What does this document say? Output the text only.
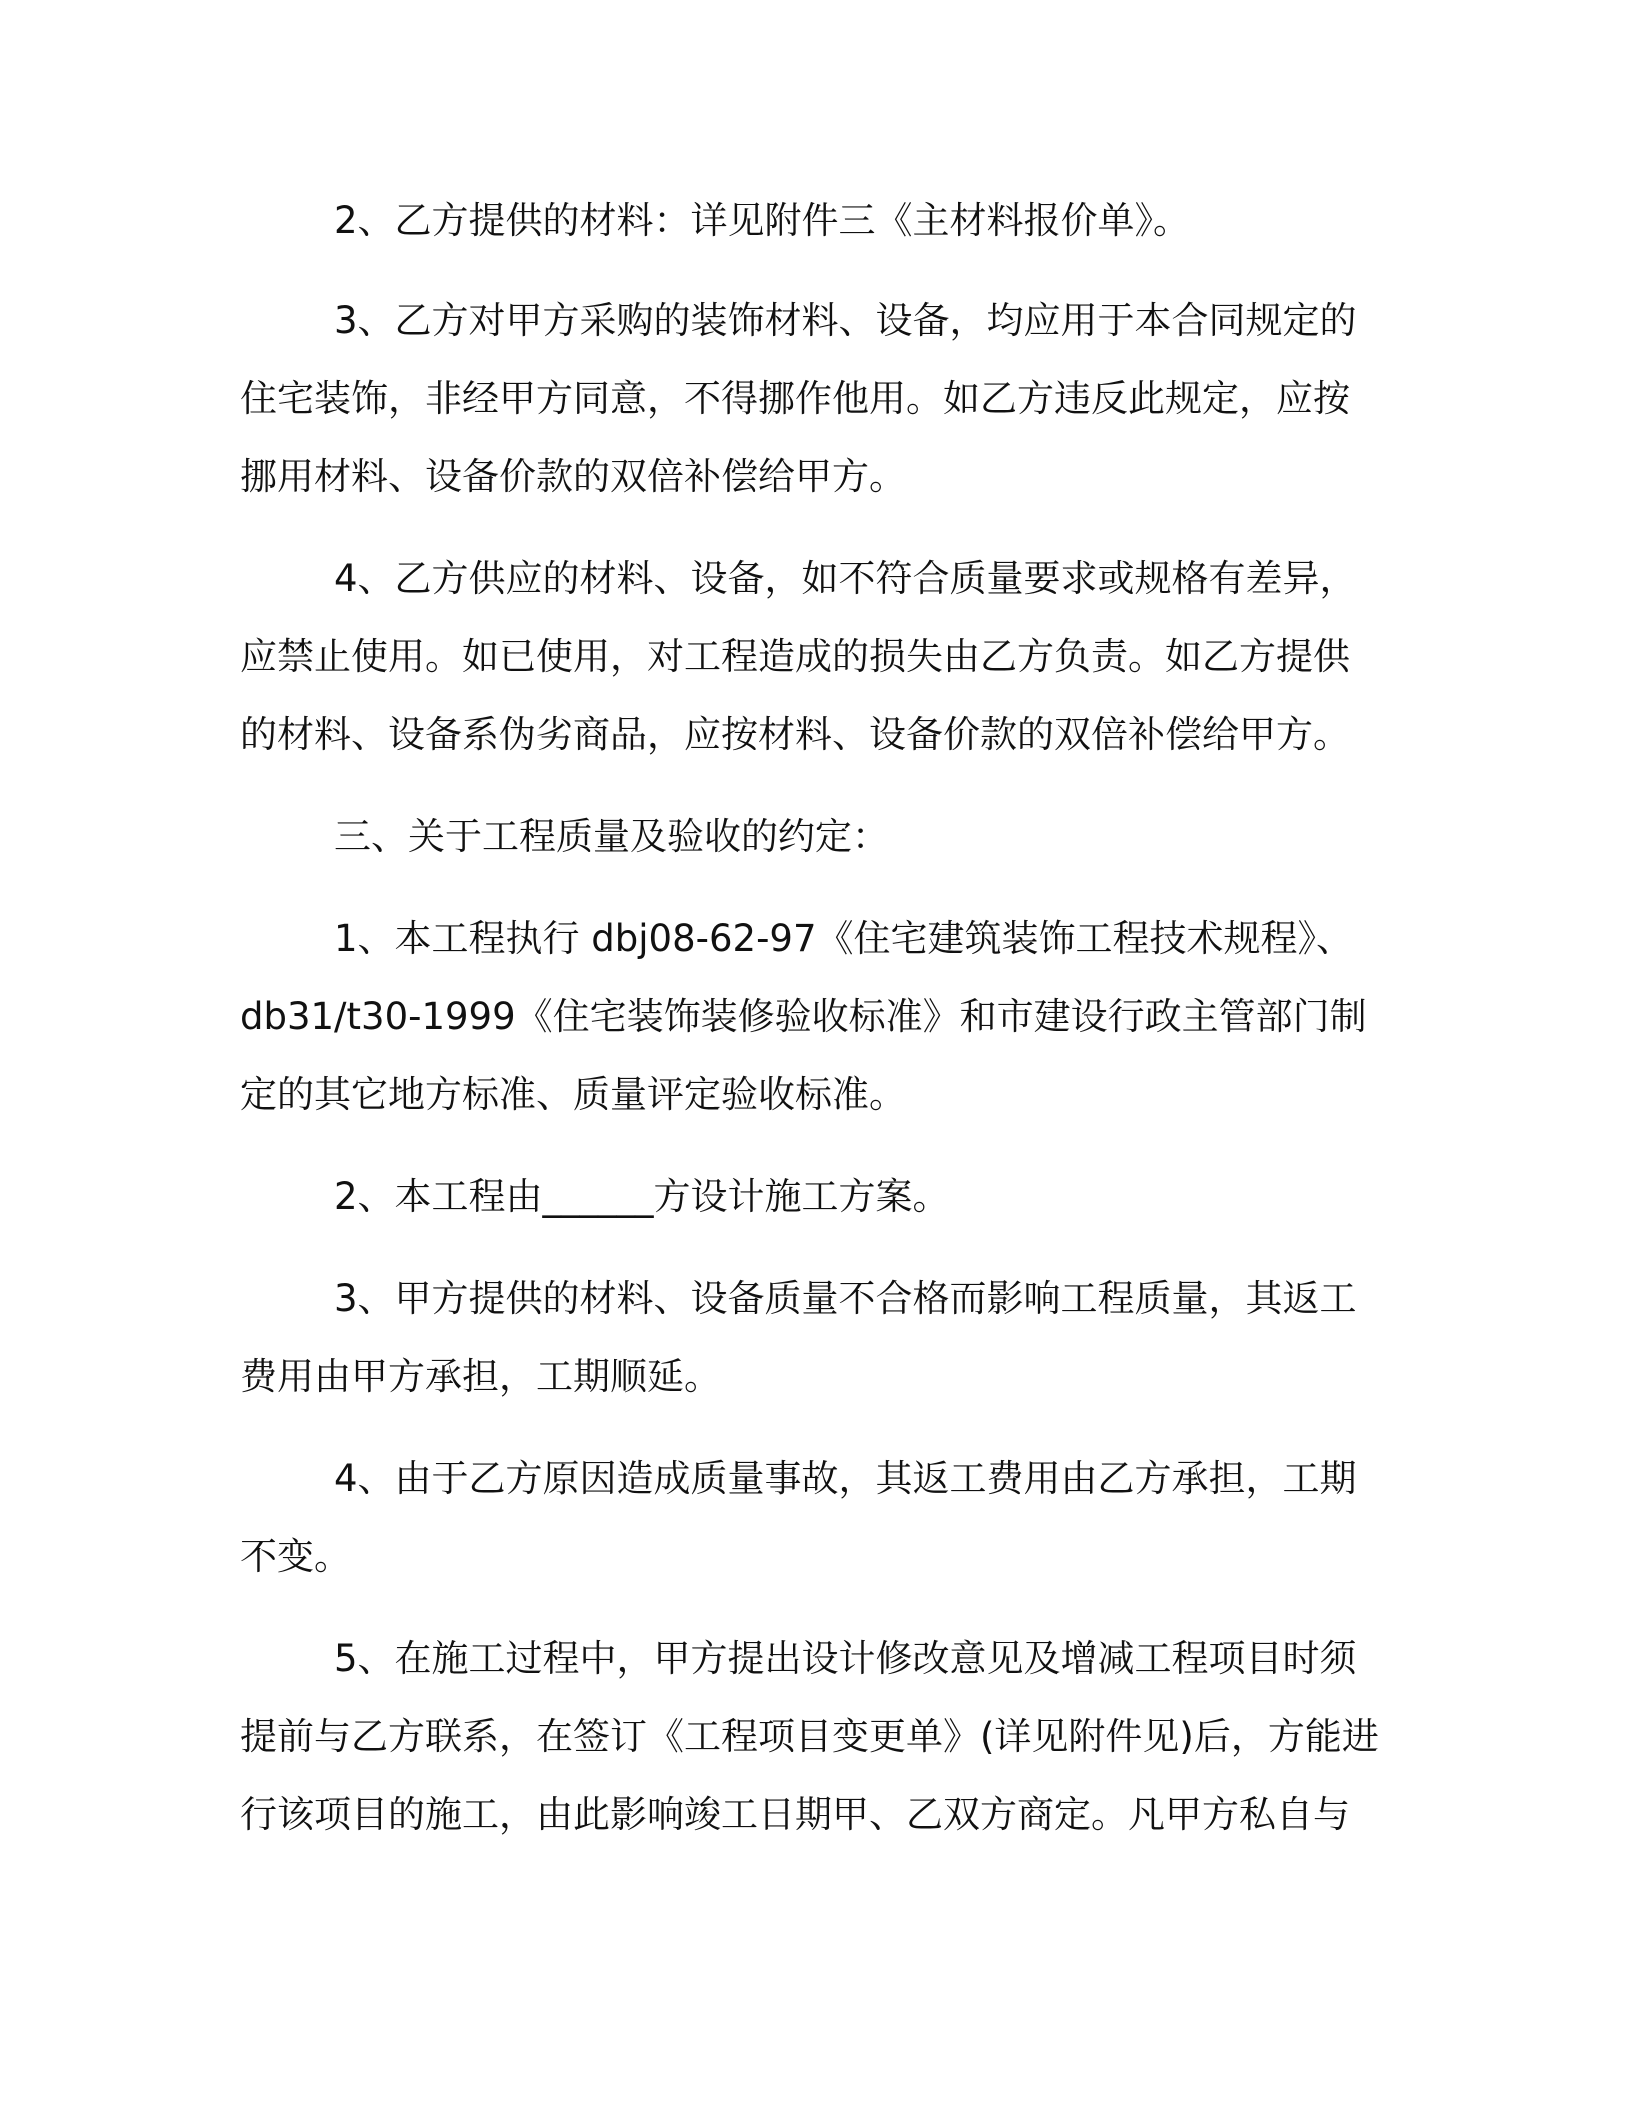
2、乙方提供的材料：详见附件三《主材料报价单》。

3、乙方对甲方采购的装饰材料、设备，均应用于本合同规定的
住宅装饰，非经甲方同意，不得挪作他用。如乙方违反此规定，应按
挪用材料、设备价款的双倍补偿给甲方。

4、乙方供应的材料、设备，如不符合质量要求或规格有差异，
应禁止使用。如已使用，对工程造成的损失由乙方负责。如乙方提供
的材料、设备系伪劣商品，应按材料、设备价款的双倍补偿给甲方。

三、关于工程质量及验收的约定：

1、本工程执行 dbj08-62-97《住宅建筑装饰工程技术规程》、
db31/t30-1999《住宅装饰装修验收标准》和市建设行政主管部门制
定的其它地方标准、质量评定验收标准。

2、本工程由______方设计施工方案。

3、甲方提供的材料、设备质量不合格而影响工程质量，其返工
费用由甲方承担，工期顺延。

4、由于乙方原因造成质量事故，其返工费用由乙方承担，工期
不变。

5、在施工过程中，甲方提出设计修改意见及增减工程项目时须
提前与乙方联系，在签订《工程项目变更单》(详见附件见)后，方能进
行该项目的施工，由此影响竣工日期甲、乙双方商定。凡甲方私自与
